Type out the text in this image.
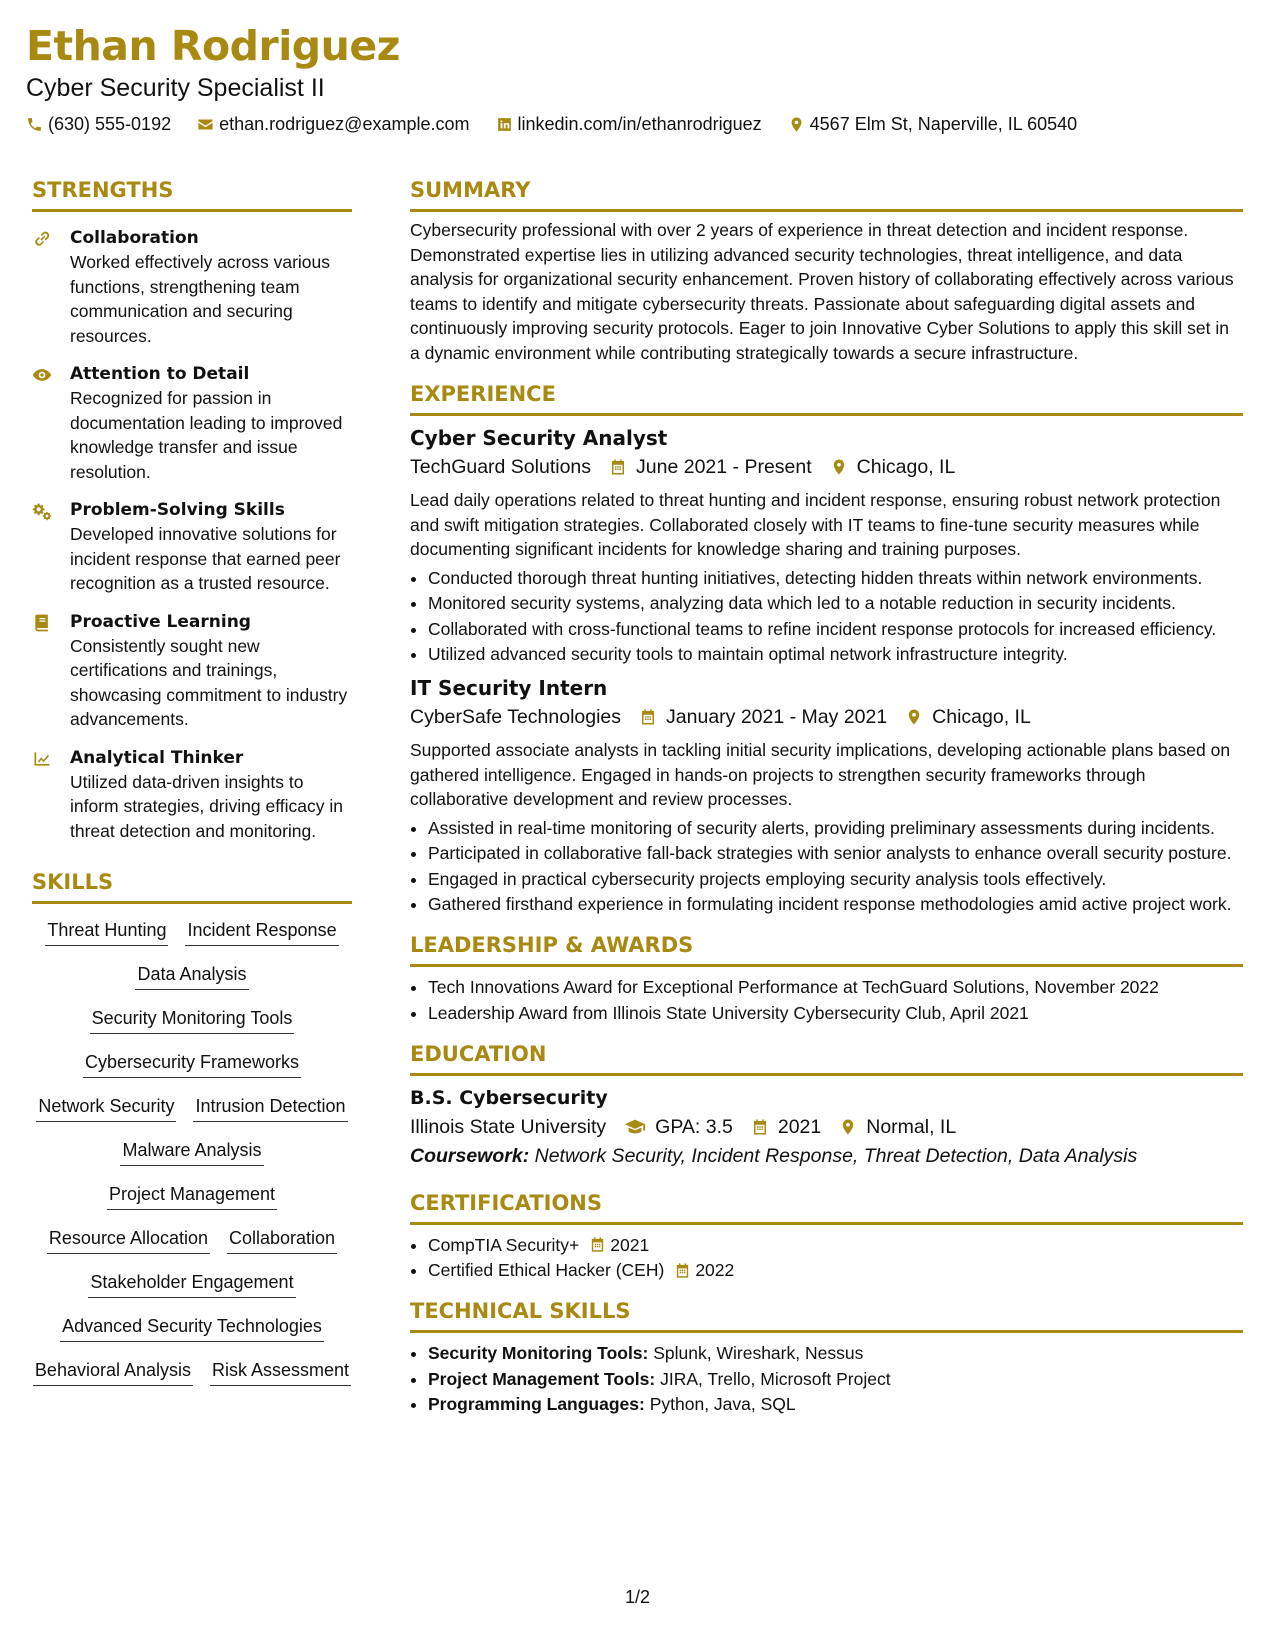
Ethan Rodriguez
Cyber Security Specialist II
(630) 555-0192	ethan.rodriguez@example.com	linkedin.com/in/ethanrodriguez	4567 Elm St, Naperville, IL 60540
STRENGTHS
Collaboration
Worked effectively across various functions, strengthening team communication and securing resources.
Attention to Detail
Recognized for passion in documentation leading to improved knowledge transfer and issue resolution.
Problem-Solving Skills
Developed innovative solutions for incident response that earned peer recognition as a trusted resource.
Proactive Learning
Consistently sought new certifications and trainings, showcasing commitment to industry advancements.
Analytical Thinker
Utilized data-driven insights to inform strategies, driving efficacy in threat detection and monitoring.
SKILLS
Threat Hunting Incident Response
Data Analysis
Security Monitoring Tools
Cybersecurity Frameworks
Network Security Intrusion Detection
Malware Analysis
Project Management
Resource Allocation Collaboration
Stakeholder Engagement
Advanced Security Technologies
Behavioral Analysis Risk Assessment
SUMMARY

Cybersecurity professional with over 2 years of experience in threat detection and incident response. Demonstrated expertise lies in utilizing advanced security technologies, threat intelligence, and data analysis for organizational security enhancement. Proven history of collaborating effectively across various teams to identify and mitigate cybersecurity threats. Passionate about safeguarding digital assets and continuously improving security protocols. Eager to join Innovative Cyber Solutions to apply this skill set in a dynamic environment while contributing strategically towards a secure infrastructure.

EXPERIENCE
Cyber Security Analyst
TechGuard Solutions June 2021 - Present Chicago, IL

Lead daily operations related to threat hunting and incident response, ensuring robust network protection and swift mitigation strategies. Collaborated closely with IT teams to fine-tune security measures while documenting significant incidents for knowledge sharing and training purposes.

• Conducted thorough threat hunting initiatives, detecting hidden threats within network environments.
• Monitored security systems, analyzing data which led to a notable reduction in security incidents.
• Collaborated with cross-functional teams to refine incident response protocols for increased efficiency.
• Utilized advanced security tools to maintain optimal network infrastructure integrity.
IT Security Intern
CyberSafe Technologies January 2021 - May 2021 Chicago, IL

Supported associate analysts in tackling initial security implications, developing actionable plans based on gathered intelligence. Engaged in hands-on projects to strengthen security frameworks through collaborative development and review processes.

• Assisted in real-time monitoring of security alerts, providing preliminary assessments during incidents.
• Participated in collaborative fall-back strategies with senior analysts to enhance overall security posture.
• Engaged in practical cybersecurity projects employing security analysis tools effectively.
• Gathered firsthand experience in formulating incident response methodologies amid active project work.
LEADERSHIP & AWARDS
• Tech Innovations Award for Exceptional Performance at TechGuard Solutions, November 2022
• Leadership Award from Illinois State University Cybersecurity Club, April 2021
EDUCATION
B.S. Cybersecurity
Illinois State University	GPA: 3.5 2021 Normal, IL
Coursework: Network Security, Incident Response, Threat Detection, Data Analysis
CERTIFICATIONS
• CompTIA Security+ 2021
• Certified Ethical Hacker (CEH) 2022
TECHNICAL SKILLS
• Security Monitoring Tools: Splunk, Wireshark, Nessus
• Project Management Tools: JIRA, Trello, Microsoft Project
• Programming Languages: Python, Java, SQL
1/2
